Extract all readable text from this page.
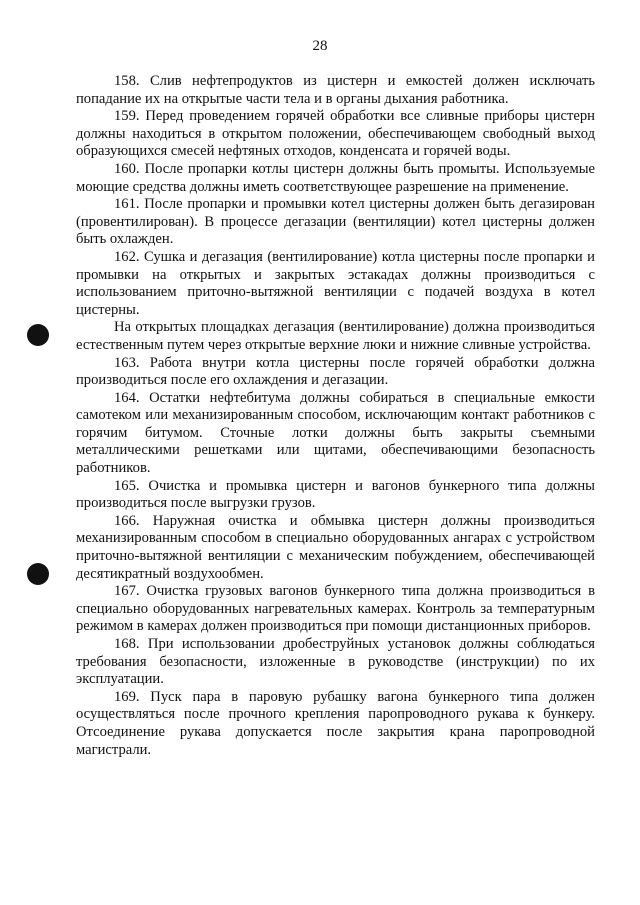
28

158. Слив нефтепродуктов из цистерн и емкостей должен исключать попадание их на открытые части тела и в органы дыхания работника.

159. Перед проведением горячей обработки все сливные приборы цистерн должны находиться в открытом положении, обеспечивающем свободный выход образующихся смесей нефтяных отходов, конденсата и горячей воды.

160. После пропарки котлы цистерн должны быть промыты. Используемые моющие средства должны иметь соответствующее разрешение на применение.

161. После пропарки и промывки котел цистерны должен быть дегазирован (провентилирован). В процессе дегазации (вентиляции) котел цистерны должен быть охлажден.

162. Сушка и дегазация (вентилирование) котла цистерны после пропарки и промывки на открытых и закрытых эстакадах должны производиться с использованием приточно-вытяжной вентиляции с подачей воздуха в котел цистерны.

На открытых площадках дегазация (вентилирование) должна производиться естественным путем через открытые верхние люки и нижние сливные устройства.

163. Работа внутри котла цистерны после горячей обработки должна производиться после его охлаждения и дегазации.

164. Остатки нефтебитума должны собираться в специальные емкости самотеком или механизированным способом, исключающим контакт работников с горячим битумом. Сточные лотки должны быть закрыты съемными металлическими решетками или щитами, обеспечивающими безопасность работников.

165. Очистка и промывка цистерн и вагонов бункерного типа должны производиться после выгрузки грузов.

166. Наружная очистка и обмывка цистерн должны производиться механизированным способом в специально оборудованных ангарах с устройством приточно-вытяжной вентиляции с механическим побуждением, обеспечивающей десятикратный воздухообмен.

167. Очистка грузовых вагонов бункерного типа должна производиться в специально оборудованных нагревательных камерах. Контроль за температурным режимом в камерах должен производиться при помощи дистанционных приборов.

168. При использовании дробеструйных установок должны соблюдаться требования безопасности, изложенные в руководстве (инструкции) по их эксплуатации.

169. Пуск пара в паровую рубашку вагона бункерного типа должен осуществляться после прочного крепления паропроводного рукава к бункеру. Отсоединение рукава допускается после закрытия крана паропроводной магистрали.
